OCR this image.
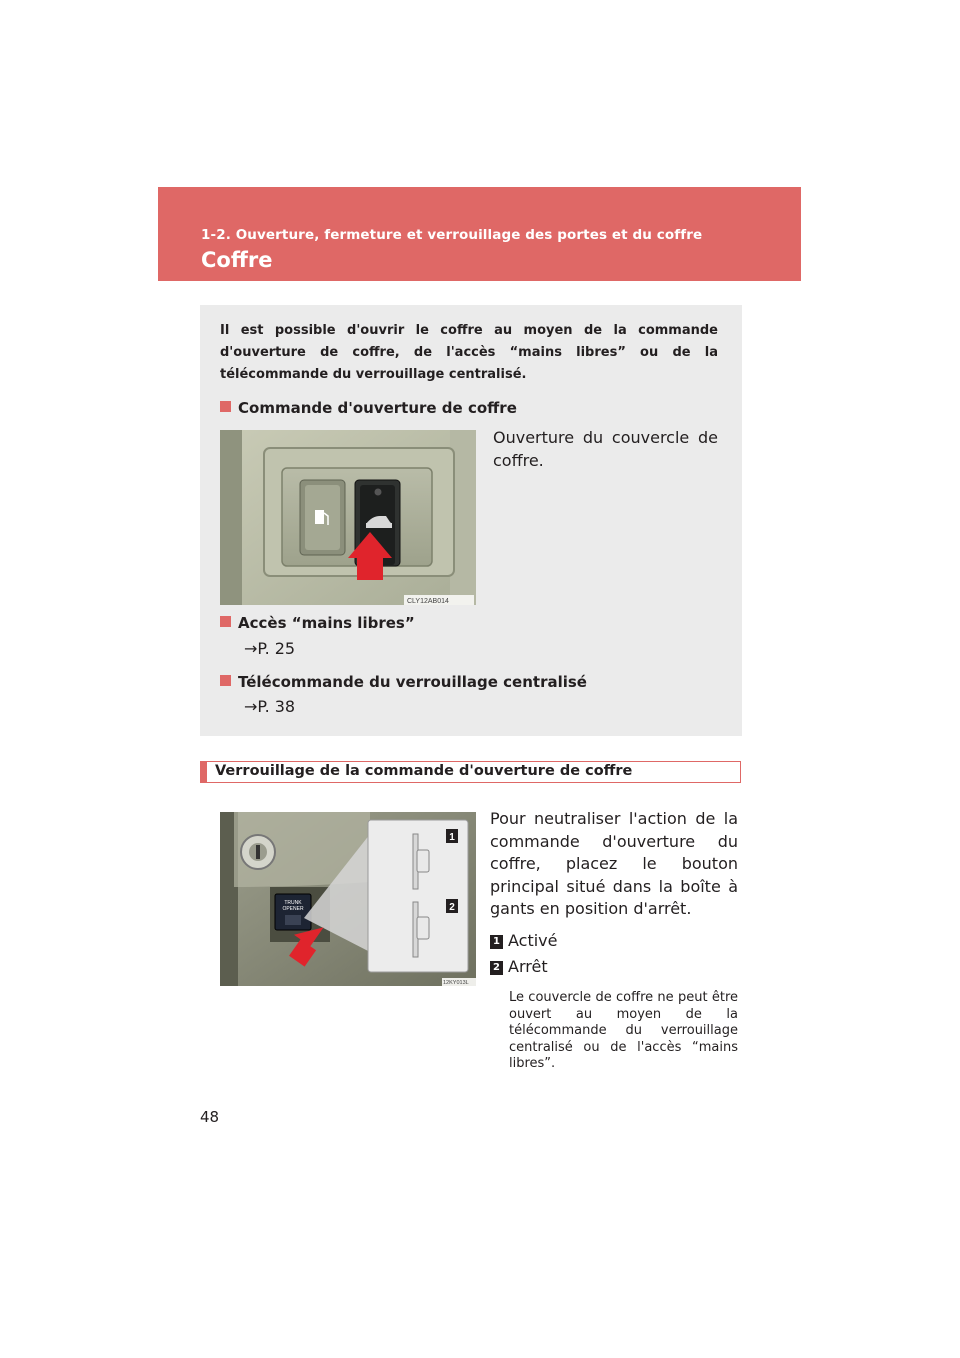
1-2. Ouverture, fermeture et verrouillage des portes et du coffre
Coffre
Il est possible d'ouvrir le coffre au moyen de la commande d'ouverture de coffre, de l'accès “mains libres” ou de la télécommande du verrouillage centralisé.
Commande d'ouverture de coffre
CLY12AB014
Ouverture du couvercle de coffre.
Accès “mains libres”
→P. 25
Télécommande du verrouillage centralisé
→P. 38
Verrouillage de la commande d'ouverture de coffre
TRUNK
OPENER
1
2
12KY013L
Pour neutraliser l'action de la commande d'ouverture du coffre, placez le bouton principal situé dans la boîte à gants en position d'arrêt.
1 Activé
2 Arrêt
Le couvercle de coffre ne peut être ouvert au moyen de la télécommande du verrouillage centralisé ou de l'accès “mains libres”.
48
